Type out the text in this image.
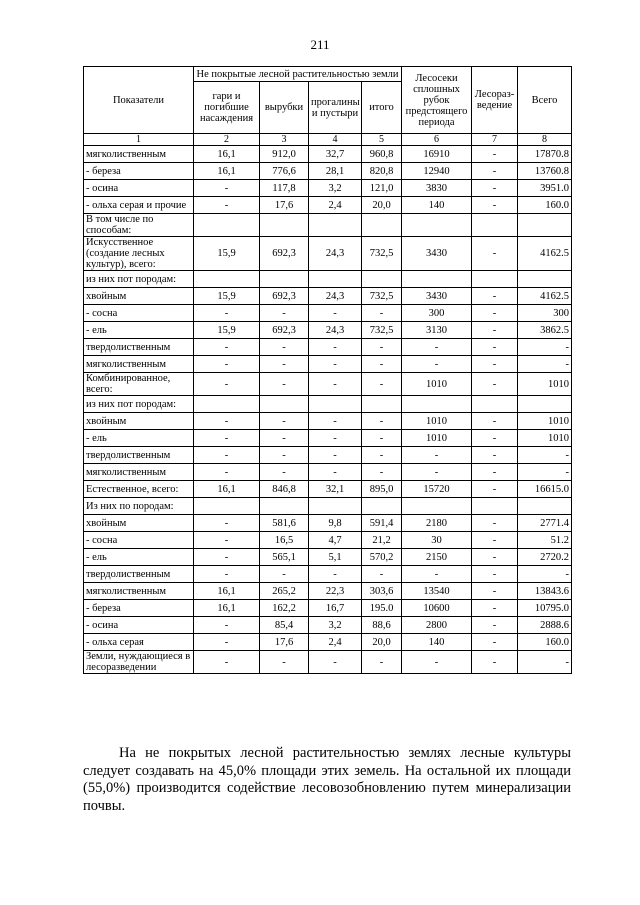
211
Показатели	Не покрытые лесной растительностью земли				Лесосеки сплошных рубок предстоящего периода	Лесораз-ведение	Всего
	гари и погибшие насаждения	вырубки	прогалины и пустыри	итого			
1	2	3	4	5	6	7	8
мягколиственным	16,1	912,0	32,7	960,8	16910	-	17870.8
- береза	16,1	776,6	28,1	820,8	12940	-	13760.8
- осина	-	117,8	3,2	121,0	3830	-	3951.0
- ольха серая и прочие	-	17,6	2,4	20,0	140	-	160.0
В том числе по способам:							
Искусственное (создание лесных культур), всего:	15,9	692,3	24,3	732,5	3430	-	4162.5
из них пот породам:							
хвойным	15,9	692,3	24,3	732,5	3430	-	4162.5
- сосна	-	-	-	-	300	-	300
- ель	15,9	692,3	24,3	732,5	3130	-	3862.5
твердолиственным	-	-	-	-	-	-	-
мягколиственным	-	-	-	-	-	-	-
Комбинированное, всего:	-	-	-	-	1010	-	1010
из них пот породам:							
хвойным	-	-	-	-	1010	-	1010
- ель	-	-	-	-	1010	-	1010
твердолиственным	-	-	-	-	-	-	-
мягколиственным	-	-	-	-	-	-	-
Естественное, всего:	16,1	846,8	32,1	895,0	15720	-	16615.0
Из них по породам:							
хвойным	-	581,6	9,8	591,4	2180	-	2771.4
- сосна	-	16,5	4,7	21,2	30	-	51.2
- ель	-	565,1	5,1	570,2	2150	-	2720.2
твердолиственным	-	-	-	-	-	-	-
мягколиственным	16,1	265,2	22,3	303,6	13540	-	13843.6
- береза	16,1	162,2	16,7	195.0	10600	-	10795.0
- осина	-	85,4	3,2	88,6	2800	-	2888.6
- ольха серая	-	17,6	2,4	20,0	140	-	160.0
Земли, нуждающиеся в лесоразведении	-	-	-	-	-	-	-
На не покрытых лесной растительностью землях лесные культуры следует создавать на 45,0% площади этих земель. На остальной их площади (55,0%) производится содействие лесовозобновлению путем минерализации почвы.
